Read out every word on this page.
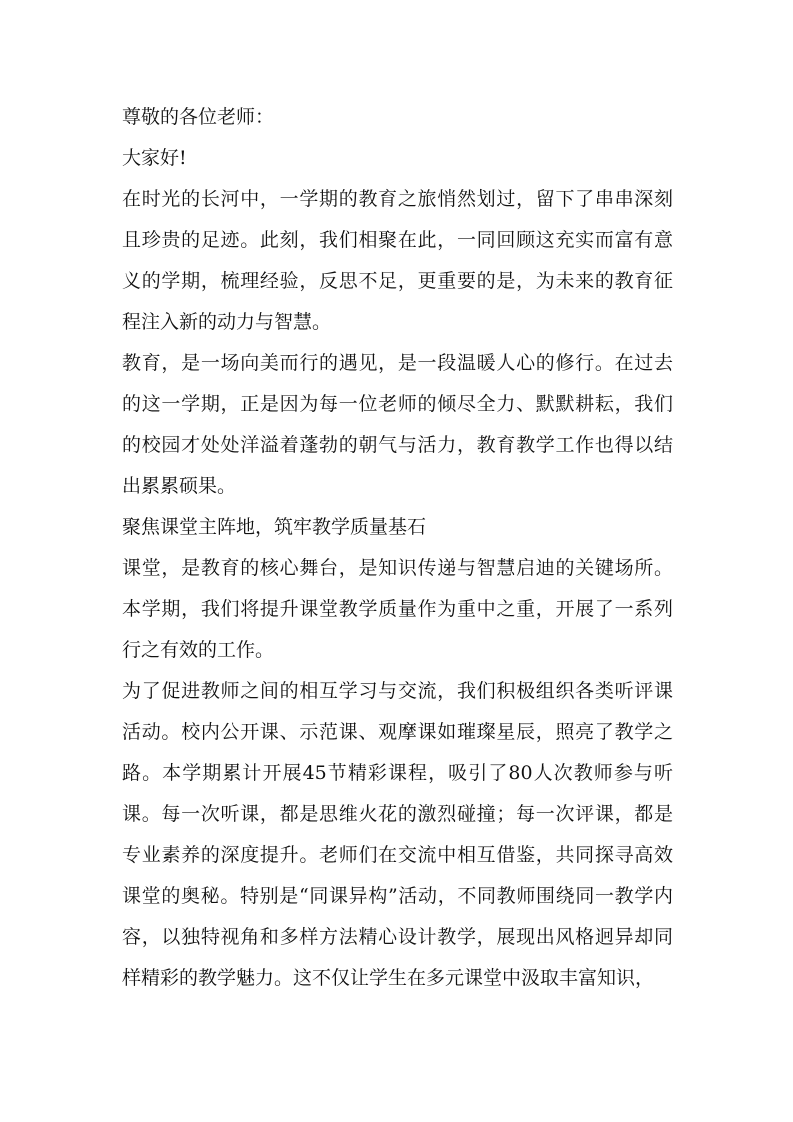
尊敬的各位老师：
大家好!
在时光的长河中，一学期的教育之旅悄然划过，留下了串串深刻
且珍贵的足迹。此刻，我们相聚在此，一同回顾这充实而富有意
义的学期，梳理经验，反思不足，更重要的是，为未来的教育征
程注入新的动力与智慧。
教育，是一场向美而行的遇见，是一段温暖人心的修行。在过去
的这一学期，正是因为每一位老师的倾尽全力、默默耕耘，我们
的校园才处处洋溢着蓬勃的朝气与活力，教育教学工作也得以结
出累累硕果。
聚焦课堂主阵地，筑牢教学质量基石
课堂，是教育的核心舞台，是知识传递与智慧启迪的关键场所。
本学期，我们将提升课堂教学质量作为重中之重，开展了一系列
行之有效的工作。
为了促进教师之间的相互学习与交流，我们积极组织各类听评课
活动。校内公开课、示范课、观摩课如璀璨星辰，照亮了教学之
路。本学期累计开展45节精彩课程，吸引了80人次教师参与听
课。每一次听课，都是思维火花的激烈碰撞；每一次评课，都是
专业素养的深度提升。老师们在交流中相互借鉴，共同探寻高效
课堂的奥秘。特别是“同课异构”活动，不同教师围绕同一教学内
容，以独特视角和多样方法精心设计教学，展现出风格迥异却同
样精彩的教学魅力。这不仅让学生在多元课堂中汲取丰富知识，
